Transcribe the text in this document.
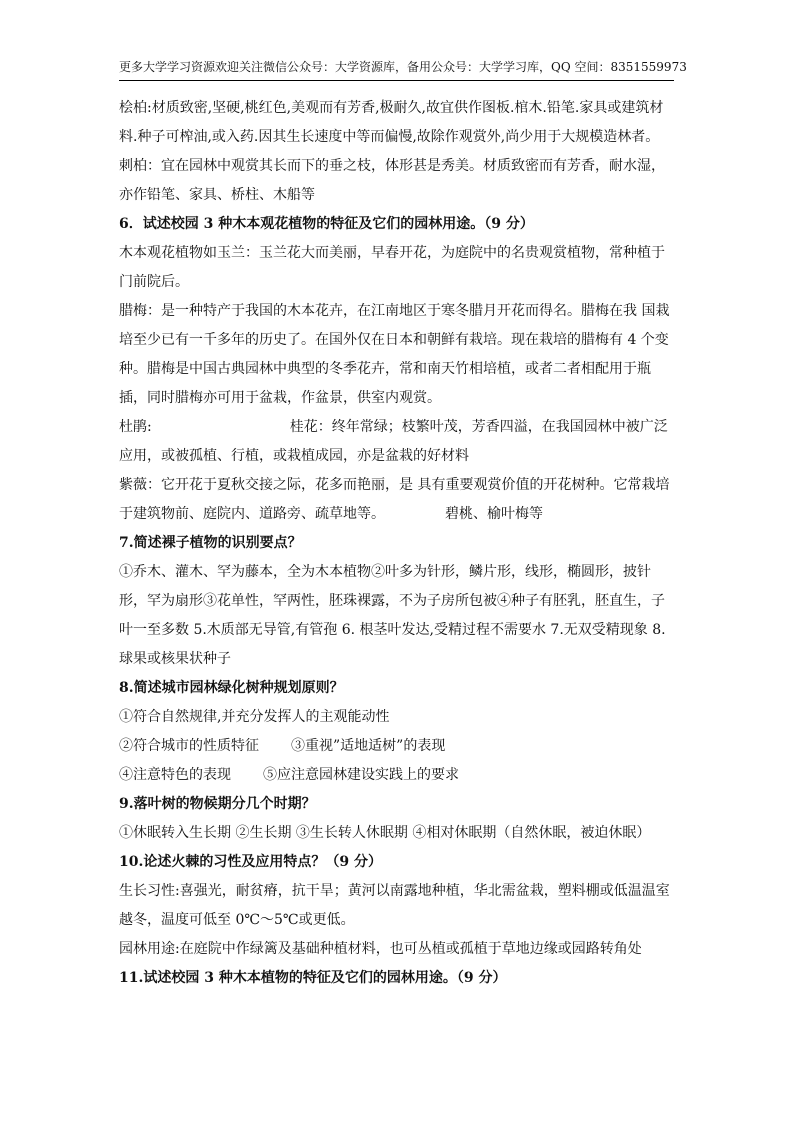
更多大学学习资源欢迎关注微信公众号：大学资源库，备用公众号：大学学习库，QQ 空间：8351559973

桧柏:材质致密,坚硬,桃红色,美观而有芳香,极耐久,故宜供作图板.棺木.铅笔.家具或建筑材料.种子可榨油,或入药.因其生长速度中等而偏慢,故除作观赏外,尚少用于大规模造林者。

刺柏：宜在园林中观赏其长而下的垂之枝，体形甚是秀美。材质致密而有芳香，耐水湿，亦作铅笔、家具、桥柱、木船等

6．试述校园 3 种木本观花植物的特征及它们的园林用途。（9 分）

木本观花植物如玉兰：玉兰花大而美丽，早春开花，为庭院中的名贵观赏植物，常种植于门前院后。

腊梅：是一种特产于我国的木本花卉，在江南地区于寒冬腊月开花而得名。腊梅在我 国栽培至少已有一千多年的历史了。在国外仅在日本和朝鲜有栽培。现在栽培的腊梅有 4 个变种。腊梅是中国古典园林中典型的冬季花卉，常和南天竹相培植，或者二者相配用于瓶插，同时腊梅亦可用于盆栽，作盆景，供室内观赏。

杜鹃:	桂花：终年常绿；枝繁叶茂，芳香四溢，在我国园林中被广泛应用，或被孤植、行植，或栽植成园，亦是盆栽的好材料

紫薇：它开花于夏秋交接之际，花多而艳丽，是 具有重要观赏价值的开花树种。它常栽培于建筑物前、庭院内、道路旁、疏草地等。	碧桃、榆叶梅等

7.简述裸子植物的识别要点？

①乔木、灌木、罕为藤本，全为木本植物②叶多为针形，鳞片形，线形，椭圆形，披针形，罕为扇形③花单性，罕两性，胚珠裸露，不为子房所包被④种子有胚乳，胚直生，子叶一至多数 5.木质部无导管,有管孢 6. 根茎叶发达,受精过程不需要水 7.无双受精现象 8.球果或核果状种子

8.简述城市园林绿化树种规划原则？

①符合自然规律,并充分发挥人的主观能动性

②符合城市的性质特征 ③重视”适地适树”的表现

④注意特色的表现 ⑤应注意园林建设实践上的要求

9.落叶树的物候期分几个时期？

①休眠转入生长期 ②生长期 ③生长转人休眠期 ④相对休眠期（自然休眠，被迫休眠）

10.论述火棘的习性及应用特点？（9 分）

生长习性:喜强光，耐贫瘠，抗干旱；黄河以南露地种植，华北需盆栽，塑料棚或低温温室越冬，温度可低至 0℃～5℃或更低。

园林用途:在庭院中作绿篱及基础种植材料，也可丛植或孤植于草地边缘或园路转角处

11.试述校园 3 种木本植物的特征及它们的园林用途。（9 分）
